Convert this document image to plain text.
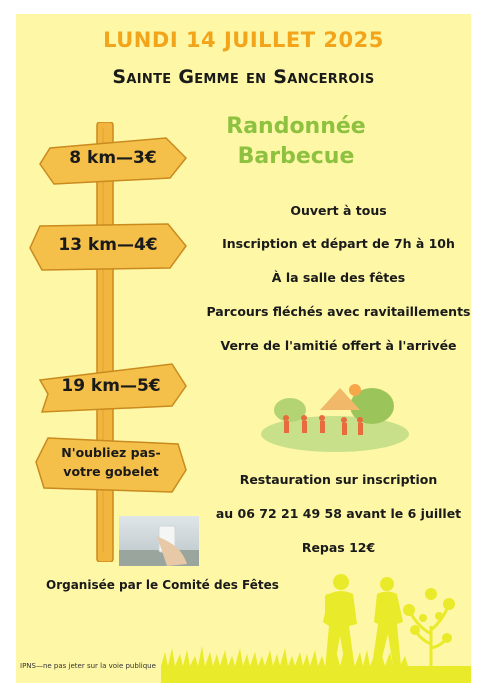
LUNDI 14 JUILLET 2025
Sainte Gemme en Sancerrois
Randonnée
Barbecue
Ouvert à tous
Inscription et départ de 7h à 10h
À la salle des fêtes
Parcours fléchés avec ravitaillements
Verre de l'amitié offert à l'arrivée
8 km—3€
13 km—4€
19 km—5€
N'oubliez pas-
votre gobelet
Restauration sur inscription
au 06 72 21 49 58 avant le 6 juillet
Repas 12€
Organisée par le Comité des Fêtes
IPNS—ne pas jeter sur la voie publique
